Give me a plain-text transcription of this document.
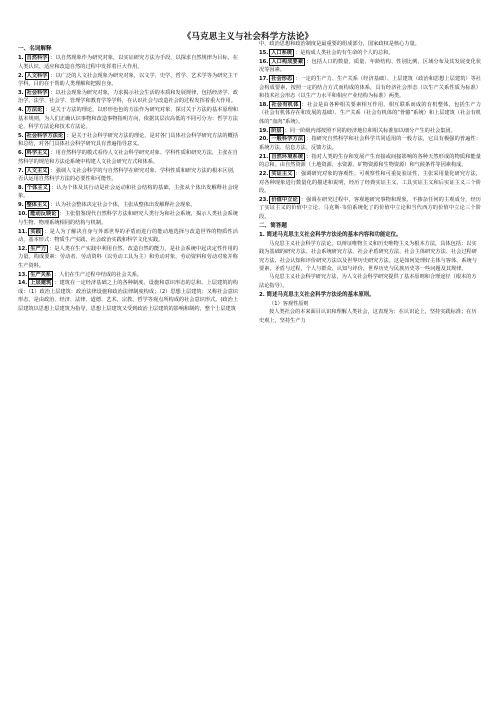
《马克思主义与社会科学方法论》
一、名词解释
1. 自然科学 ：以自然现象作为研究对象，以实证研究方法为手段，以探求自然规律为目标，在人类认识、适应和改造自然的过程中发挥着巨大作用。
2. 人文科学 ：以广泛的人文社会现象为研究对象，以文学、史学、哲学、艺术学等为研究主干学科，目的在于帮助人类理解和把握自身。
3. 社会科学 ：以社会现象为研究对象，力求揭示社会生活的本质和发展规律，包括经济学、政治学、法学、社会学、管理学和教育学等学科，在认识社会与改造社会的过程发挥着重大作用。
4. 方法论 ：是关于方法的理论，以形形色色的方法作为研究对象，探讨关于方法的基本原理和基本规则，为人们正确认识事物和改造事物指明方向，依据其层次高低的不同可分为：哲学方法论、科学方法论和技术方法论。
5. 社会科学方法论 ：是关于社会科学研究方法的理论，是对各门具体社会科学研究方法的概括和总结，对各门具体社会科学研究具有普遍指导意义。
6. 科学主义 ：用自然科学的模式看待人文社会科学研究对象、学科性质和研究方法，主张在自然科学的规范和方法论系统中构建人文社会研究方式和体系。
7. 人文主义 ：强调人文社会科学的与自然科学在研究对象、学科性质和研究方法的根本区别，否认运用自然科学方法的必要性和可能性。
8. 个体主义 ：认为个体及其行动是社会运动和社会结构的基础，主张从个体出发解释社会现象。
9. 整体主义 ：认为社会整体决定社会个体，主张从整体出发解释社会现象。
10. 能动反映论 ：主张借鉴现代自然科学方法和研究人类行为和社会系统，揭示人类社会系统与生物、物理系统相同的结构与机制。
11. 实践 ：是人为了解决自身与外部世界的矛盾而进行的能动地选择与改造世界的物质性活动，基本形式：物质生产实践、社会政治实践和科学文化实践。
12. 生产力 ：是人类在生产实践中利用自然、改造自然的能力，是社会系统中起决定性作用的力量。构成要素：劳动者、劳动资料（以劳动工具为主）和劳动对象，劳动资料和劳动对象并称生产资料。
13. 生产关系 ：人们在生产过程中结成的社会关系。
14. 上层建筑 ：建筑在一定经济基础之上的各种制度、设施和意识形态的总和。上层建筑的构成：（1）政治上层建筑：政治法律设施和政治法律制度构成；（2）思想上层建筑：又称社会意识形态，是由政治、经济、法律、道德、艺术、宗教、哲学等观点所构成的社会意识形式。(政治上层建筑以思想上层建筑为指导，思想上层建筑又受到政治上层建筑的影响和制约，整个上层建筑
中，政治思想和政治制度是最重要的组成部分，国家政权是核心力量。
15. 人口系统 ：是构成人类社会的有生命的个人的总和。
16. 人口构成要素 ：包括人口的数量、质量、年龄结构、性别比例、区域分布及其发展变化状况等因素。
17. 社会形态 ：一定的生产力、生产关系（经济基础）、上层建筑（政治和思想上层建筑）等社会构成要素，按照一定的结合方式而构成的体系，具有经济社会形态（以生产关系性质为标准）和技术社会形态（以生产力水平和相应产业结构为标准）两类。
18. 社会有机体 ：社会是由各种相关要素相互作用、相互联系而成的有机整体，包括生产力（社会有机体存在和发展的基础）、生产关系（社会有机体的“骨骼”系统）和上层建筑（社会有机体的“血肉”系统）。
19. 阶层 ：同一阶级内部按照不同的经济地位和相关标准加以细分产生的社会集团。
20. 一般科学方法 ：指研究自然科学和社会科学共同适用的一般方法，它具有极强的普遍性：系统方法、信息方法、反馈方法。
21. 自然环境系统 ：指对人类的生存和发展产生直接或间接影响的各种天然形成的物质和能量的总和。由自然资源（土地资源、水资源、矿物资源和生物资源）和气候条件等因素构成。
22. 实证主义 ：强调研究对象的客观性、可观察性和可重复验证性，主张采用量化研究方法，对各种现象进行数量化的描述和说明，经历了经典实证主义、工具实证主义和后实证主义三个阶段。
23. 价值中立论 ：强调在研究过程中，客观地研究事物和现象，不掺杂任何的主观成分，经历了实证主义的价值中立论、马克斯·韦伯系统化了的价值中立论和当代西方的价值中立论三个阶段。
二、简答题
1. 简述马克思主义社会科学方法论的基本内容和功能定位。
马克思主义社会科学方法论，以辩证唯物主义和历史唯物主义为根本方法，具体包括：以实践为基础的研究方法、社会系统研究方法、社会矛盾研究方法、社会主体研究方法、社会过程研究方法、社会认知和评价研究方法以及世界历史研究方法。这是如何处理好主体与客体、系统与要素、矛盾与过程、个人与群众、认知与评价、世界历史与民族历史等一些问题及其规律。
马克思主义社会科学研究方法，为人文社会科学研究提供了基本原则和合理途径（根本的方法论指导）。
2. 简述马克思主义社会科学方法论的基本原则。
（1）客观性原则
按人类社会的本来面目认识和理解人类社会，这表现为：在认识论上，坚持实践标准；在历史观上，坚持生产力
